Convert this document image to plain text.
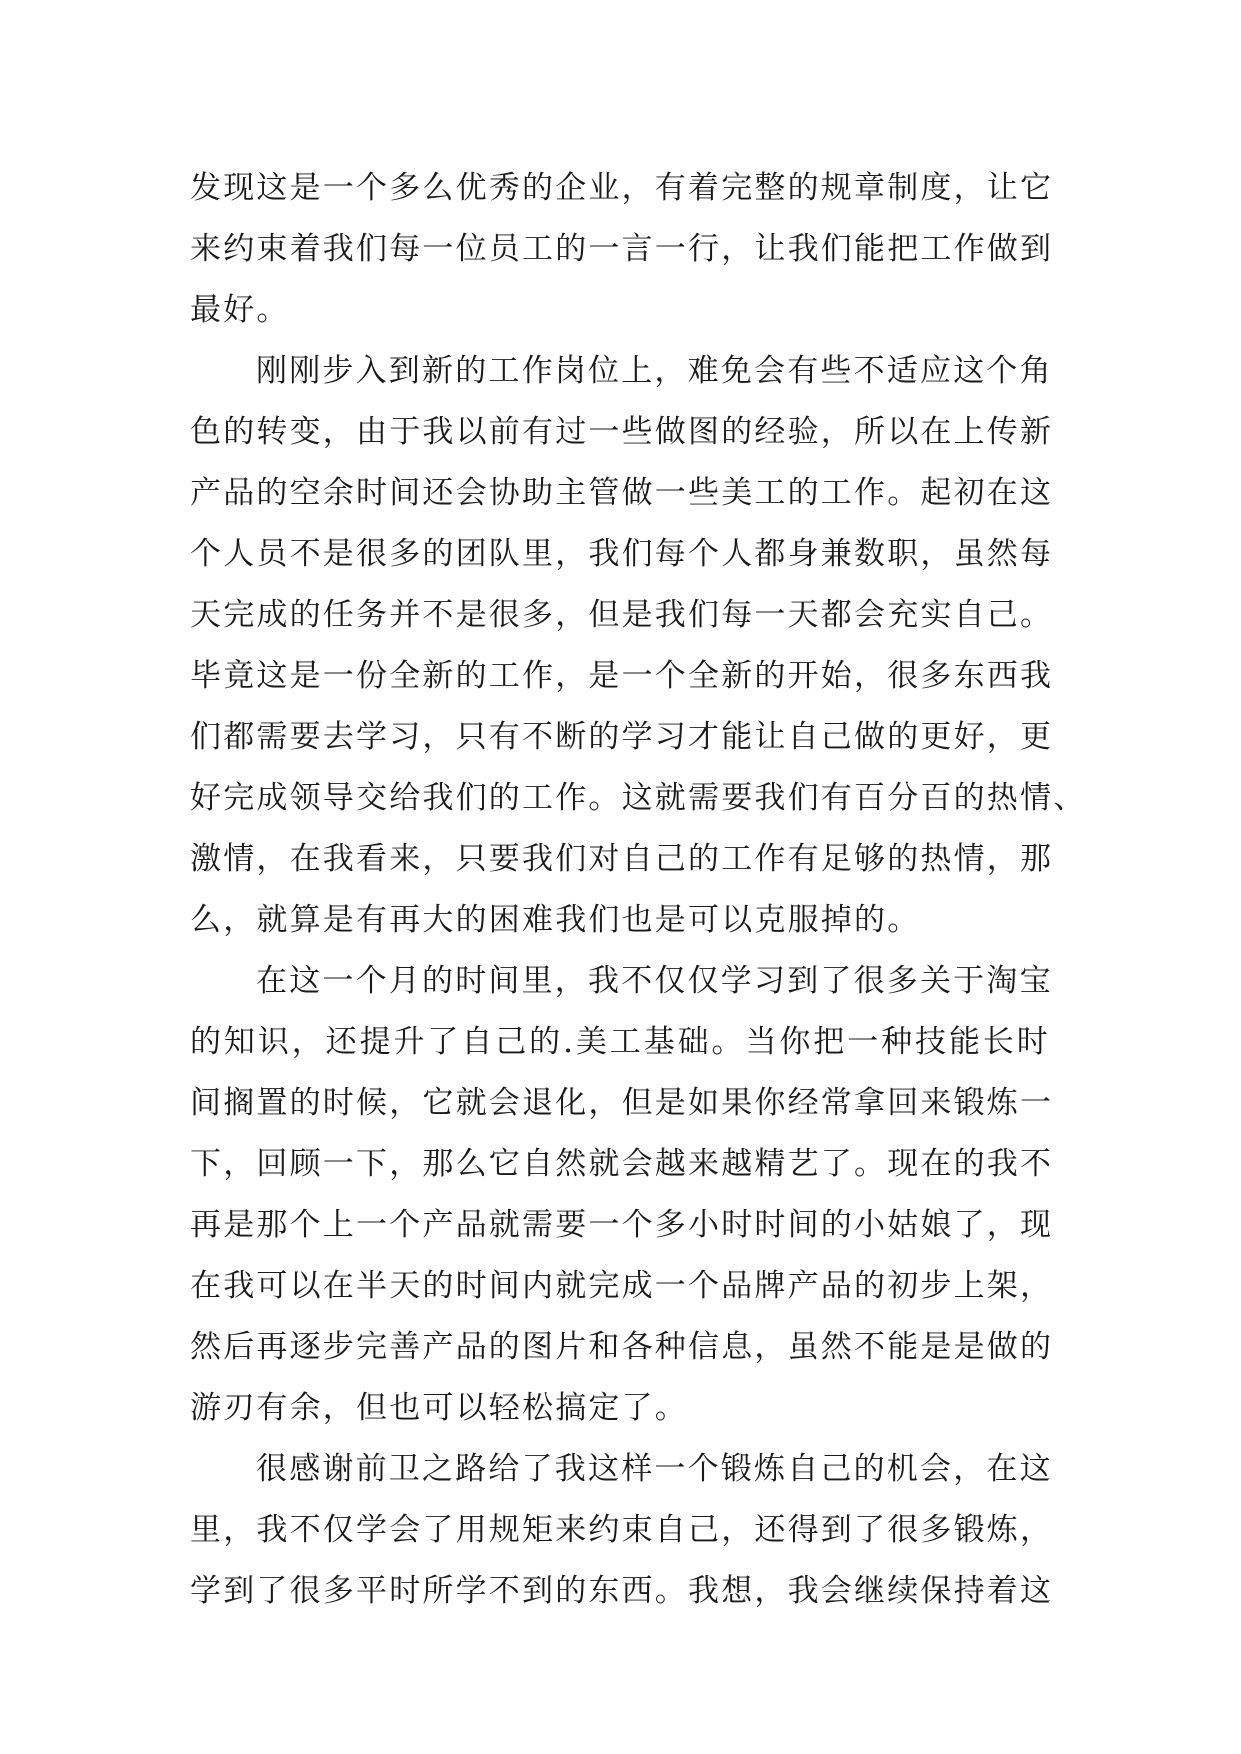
发现这是一个多么优秀的企业，有着完整的规章制度，让它
来约束着我们每一位员工的一言一行，让我们能把工作做到
最好。
刚刚步入到新的工作岗位上，难免会有些不适应这个角
色的转变，由于我以前有过一些做图的经验，所以在上传新
产品的空余时间还会协助主管做一些美工的工作。起初在这
个人员不是很多的团队里，我们每个人都身兼数职，虽然每
天完成的任务并不是很多，但是我们每一天都会充实自己。
毕竟这是一份全新的工作，是一个全新的开始，很多东西我
们都需要去学习，只有不断的学习才能让自己做的更好，更
好完成领导交给我们的工作。这就需要我们有百分百的热情、
激情，在我看来，只要我们对自己的工作有足够的热情，那
么，就算是有再大的困难我们也是可以克服掉的。
在这一个月的时间里，我不仅仅学习到了很多关于淘宝
的知识，还提升了自己的.美工基础。当你把一种技能长时
间搁置的时候，它就会退化，但是如果你经常拿回来锻炼一
下，回顾一下，那么它自然就会越来越精艺了。现在的我不
再是那个上一个产品就需要一个多小时时间的小姑娘了，现
在我可以在半天的时间内就完成一个品牌产品的初步上架，
然后再逐步完善产品的图片和各种信息，虽然不能是是做的
游刃有余，但也可以轻松搞定了。
很感谢前卫之路给了我这样一个锻炼自己的机会，在这
里，我不仅学会了用规矩来约束自己，还得到了很多锻炼，
学到了很多平时所学不到的东西。我想，我会继续保持着这
